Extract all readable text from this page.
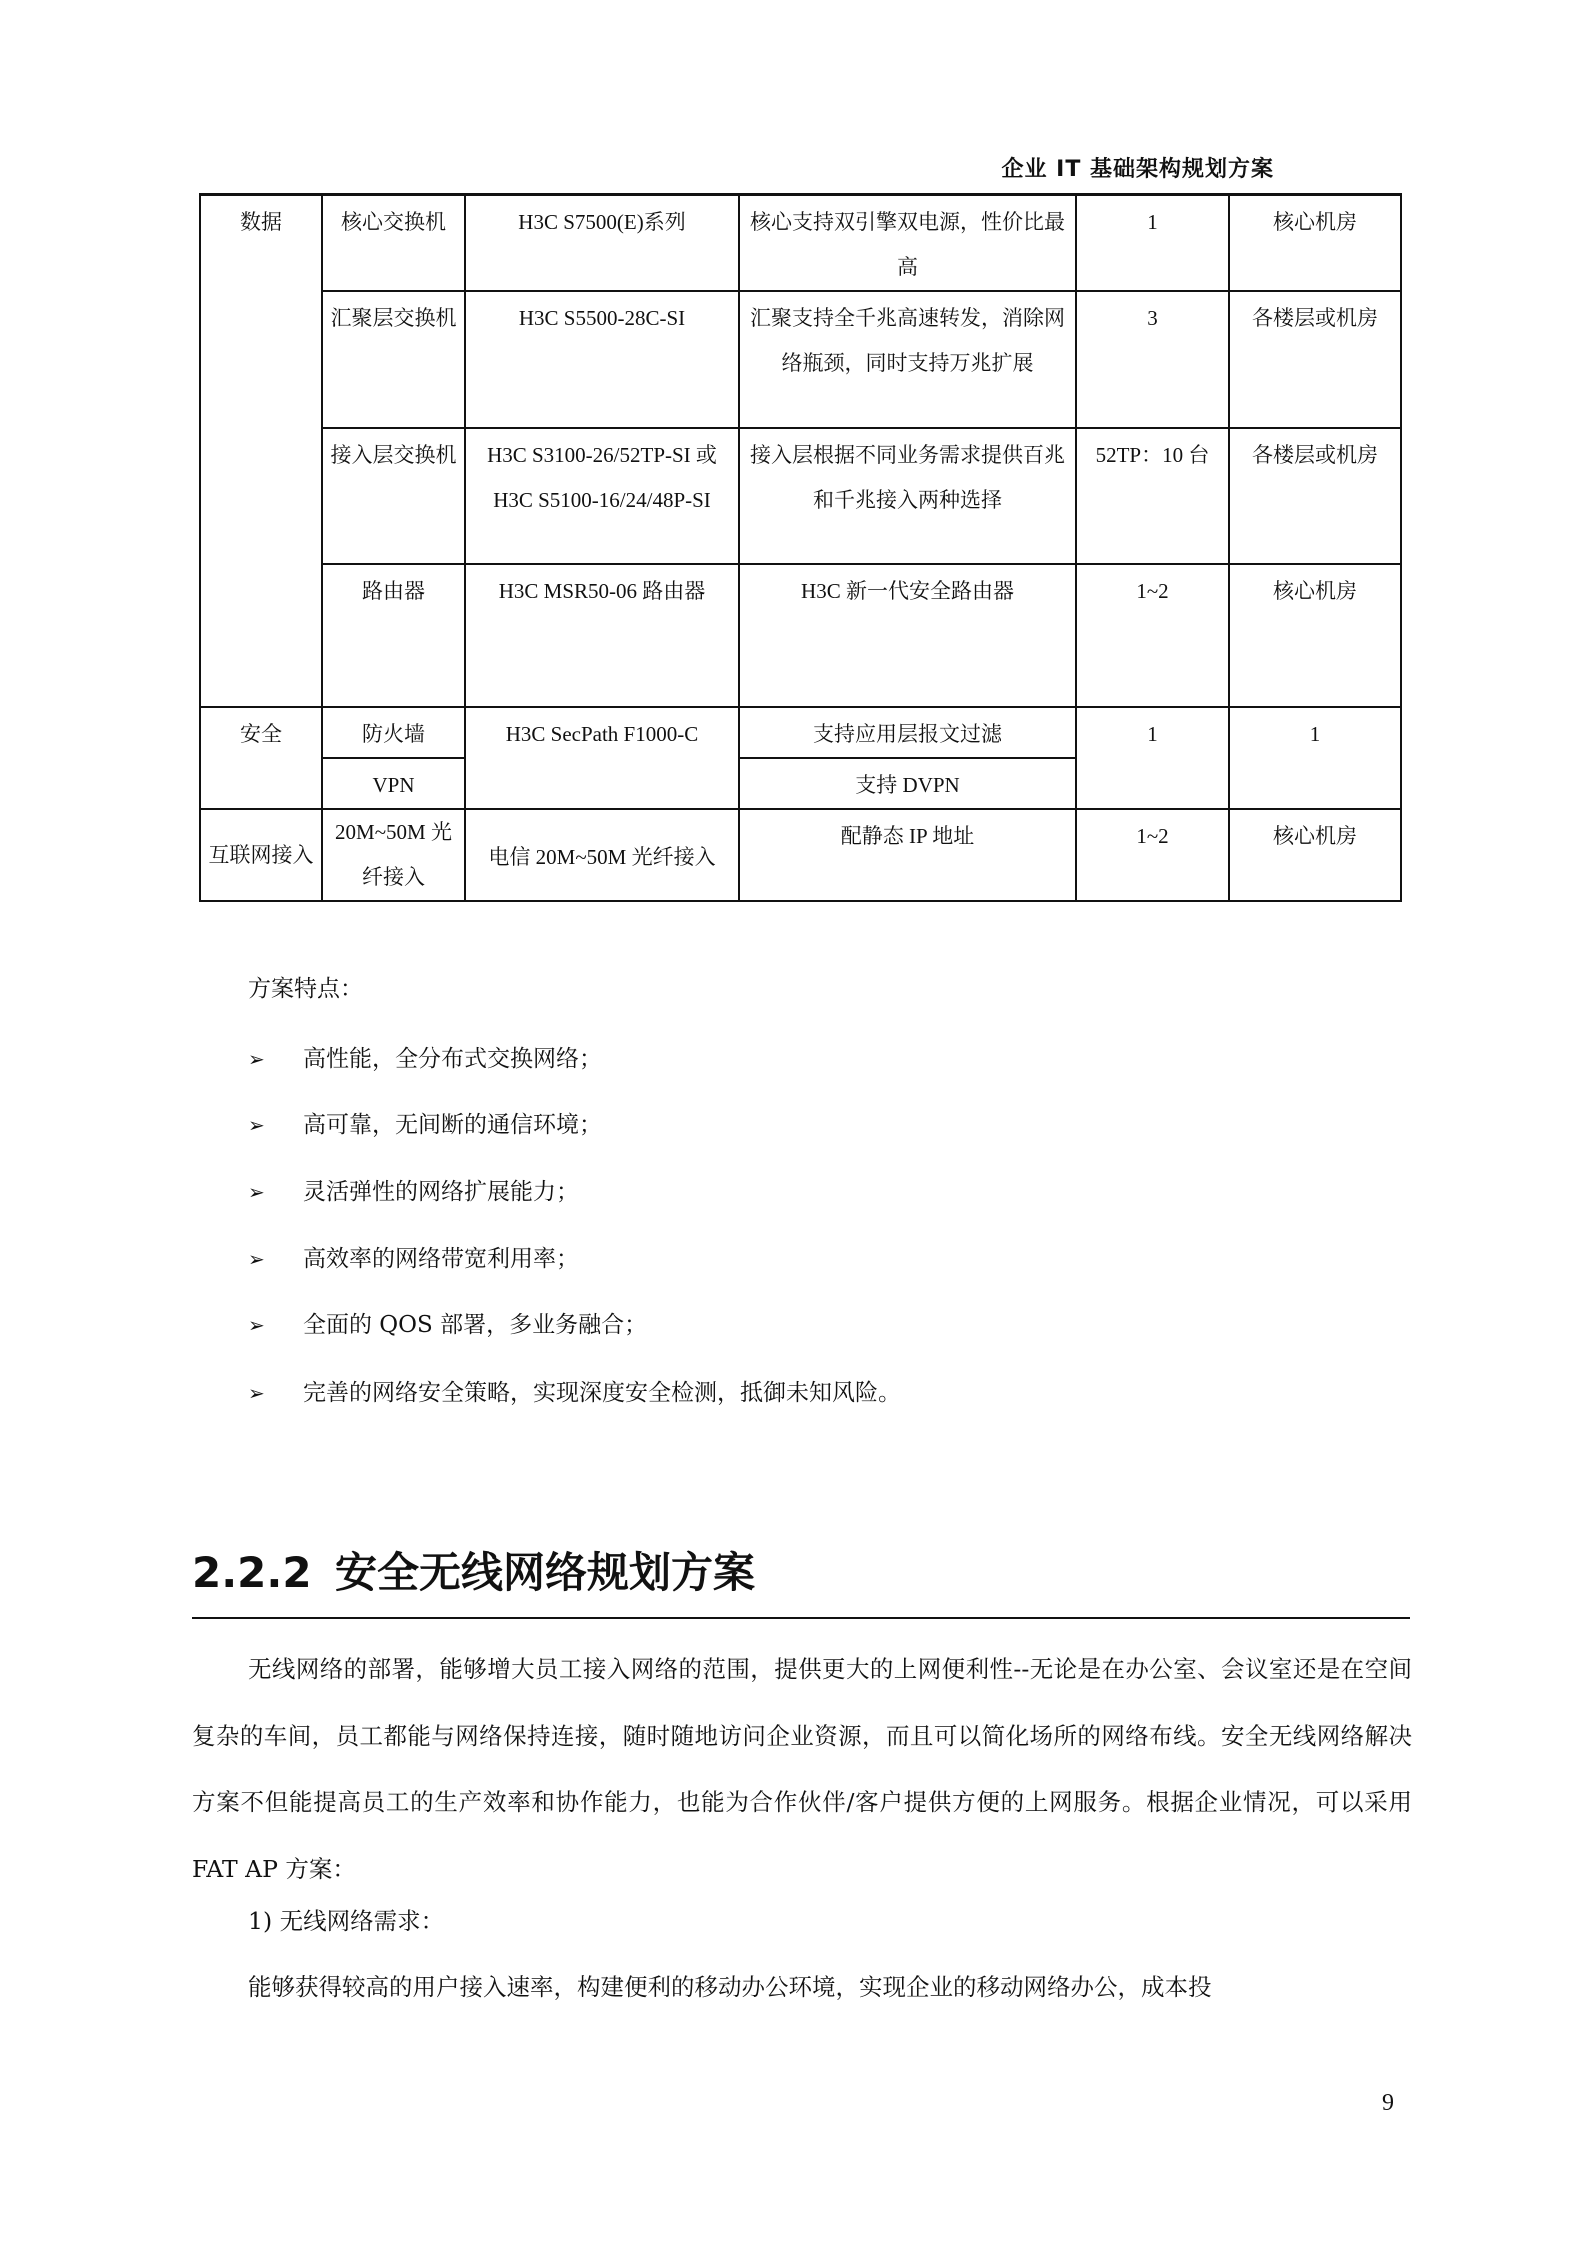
企业 IT 基础架构规划方案
数据	核心交换机	H3C S7500(E)系列	核心支持双引擎双电源，性价比最高	1	核心机房
	汇聚层交换机	H3C S5500-28C-SI	汇聚支持全千兆高速转发，消除网络瓶颈，同时支持万兆扩展	3	各楼层或机房
	接入层交换机	H3C S3100-26/52TP-SI 或 H3C S5100-16/24/48P-SI	接入层根据不同业务需求提供百兆和千兆接入两种选择	52TP：10 台	各楼层或机房
	路由器	H3C MSR50-06 路由器	H3C 新一代安全路由器	1~2	核心机房
安全	防火墙	H3C SecPath F1000-C	支持应用层报文过滤	1	1
	VPN		支持 DVPN		
互联网接入	20M~50M 光纤接入	电信 20M~50M 光纤接入	配静态 IP 地址	1~2	核心机房
方案特点：
➢ 高性能，全分布式交换网络；
➢ 高可靠，无间断的通信环境；
➢ 灵活弹性的网络扩展能力；
➢ 高效率的网络带宽利用率；
➢ 全面的 QOS 部署，多业务融合；
➢ 完善的网络安全策略，实现深度安全检测，抵御未知风险。
2.2.2 安全无线网络规划方案
无线网络的部署，能够增大员工接入网络的范围，提供更大的上网便利性--无论是在办公室、会议室还是在空间复杂的车间，员工都能与网络保持连接，随时随地访问企业资源，而且可以简化场所的网络布线。安全无线网络解决方案不但能提高员工的生产效率和协作能力，也能为合作伙伴/客户提供方便的上网服务。根据企业情况，可以采用 FAT AP 方案：
1) 无线网络需求：
能够获得较高的用户接入速率，构建便利的移动办公环境，实现企业的移动网络办公，成本投
9
